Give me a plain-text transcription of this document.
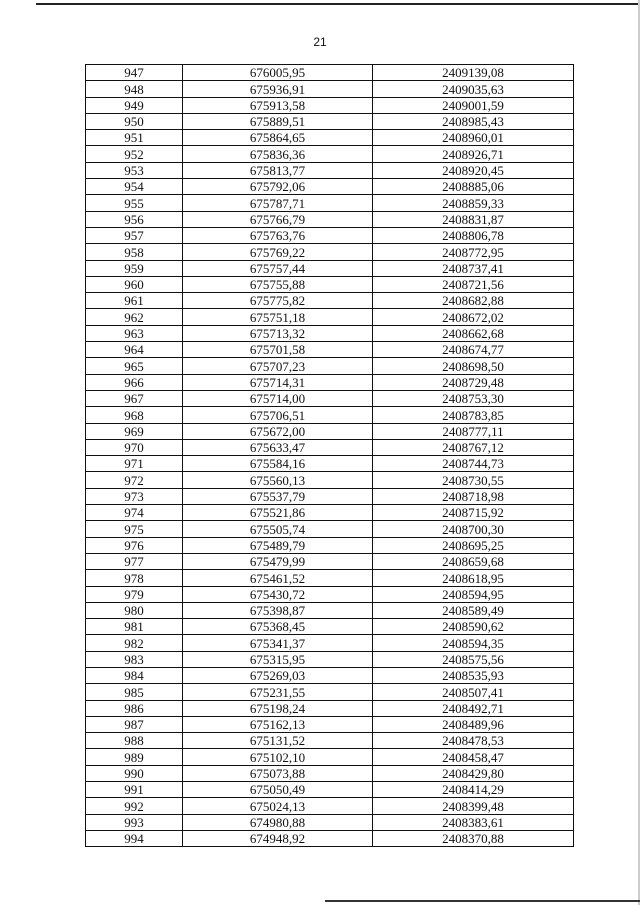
21
947	676005,95	2409139,08
948	675936,91	2409035,63
949	675913,58	2409001,59
950	675889,51	2408985,43
951	675864,65	2408960,01
952	675836,36	2408926,71
953	675813,77	2408920,45
954	675792,06	2408885,06
955	675787,71	2408859,33
956	675766,79	2408831,87
957	675763,76	2408806,78
958	675769,22	2408772,95
959	675757,44	2408737,41
960	675755,88	2408721,56
961	675775,82	2408682,88
962	675751,18	2408672,02
963	675713,32	2408662,68
964	675701,58	2408674,77
965	675707,23	2408698,50
966	675714,31	2408729,48
967	675714,00	2408753,30
968	675706,51	2408783,85
969	675672,00	2408777,11
970	675633,47	2408767,12
971	675584,16	2408744,73
972	675560,13	2408730,55
973	675537,79	2408718,98
974	675521,86	2408715,92
975	675505,74	2408700,30
976	675489,79	2408695,25
977	675479,99	2408659,68
978	675461,52	2408618,95
979	675430,72	2408594,95
980	675398,87	2408589,49
981	675368,45	2408590,62
982	675341,37	2408594,35
983	675315,95	2408575,56
984	675269,03	2408535,93
985	675231,55	2408507,41
986	675198,24	2408492,71
987	675162,13	2408489,96
988	675131,52	2408478,53
989	675102,10	2408458,47
990	675073,88	2408429,80
991	675050,49	2408414,29
992	675024,13	2408399,48
993	674980,88	2408383,61
994	674948,92	2408370,88
